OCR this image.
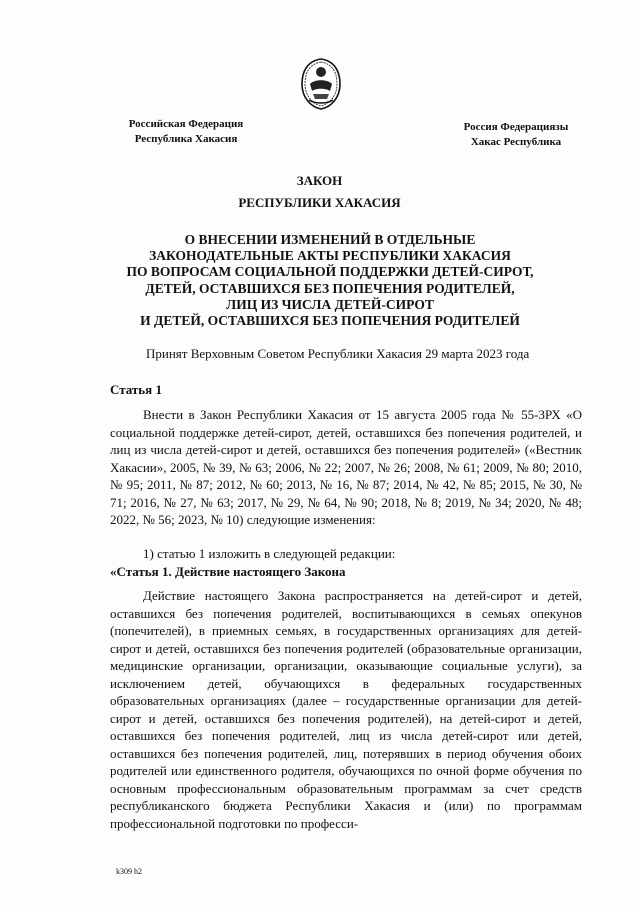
Российская Федерация
Республика Хакасия
Россия Федерациязы
Хакас Республика
ЗАКОН
РЕСПУБЛИКИ ХАКАСИЯ
О ВНЕСЕНИИ ИЗМЕНЕНИЙ В ОТДЕЛЬНЫЕ
ЗАКОНОДАТЕЛЬНЫЕ АКТЫ РЕСПУБЛИКИ ХАКАСИЯ
ПО ВОПРОСАМ СОЦИАЛЬНОЙ ПОДДЕРЖКИ ДЕТЕЙ-СИРОТ,
ДЕТЕЙ, ОСТАВШИХСЯ БЕЗ ПОПЕЧЕНИЯ РОДИТЕЛЕЙ,
ЛИЦ ИЗ ЧИСЛА ДЕТЕЙ-СИРОТ
И ДЕТЕЙ, ОСТАВШИХСЯ БЕЗ ПОПЕЧЕНИЯ РОДИТЕЛЕЙ
Принят Верховным Советом Республики Хакасия 29 марта 2023 года
Статья 1

Внести в Закон Республики Хакасия от 15 августа 2005 года № 55-ЗРХ «О социальной поддержке детей-сирот, детей, оставшихся без попечения родителей, и лиц из числа детей-сирот и детей, оставшихся без попечения родителей» («Вестник Хакасии», 2005, № 39, № 63; 2006, № 22; 2007, № 26; 2008, № 61; 2009, № 80; 2010, № 95; 2011, № 87; 2012, № 60; 2013, № 16, № 87; 2014, № 42, № 85; 2015, № 30, № 71; 2016, № 27, № 63; 2017, № 29, № 64, № 90; 2018, № 8; 2019, № 34; 2020, № 48; 2022, № 56; 2023, № 10) следующие изменения:

1) статью 1 изложить в следующей редакции:

«Статья 1. Действие настоящего Закона

Действие настоящего Закона распространяется на детей-сирот и детей, оставшихся без попечения родителей, воспитывающихся в семьях опекунов (попечителей), в приемных семьях, в государственных организациях для детей-сирот и детей, оставшихся без попечения родителей (образовательные организации, медицинские организации, организации, оказывающие социальные услуги), за исключением детей, обучающихся в федеральных государственных образовательных организациях (далее – государственные организации для детей-сирот и детей, оставшихся без попечения родителей), на детей-сирот и детей, оставшихся без попечения родителей, лиц из числа детей-сирот или детей, оставшихся без попечения родителей, лиц, потерявших в период обучения обоих родителей или единственного родителя, обучающихся по очной форме обучения по основным профессиональным образовательным программам за счет средств республиканского бюджета Республики Хакасия и (или) по программам профессиональной подготовки по професси-

k309 h2
